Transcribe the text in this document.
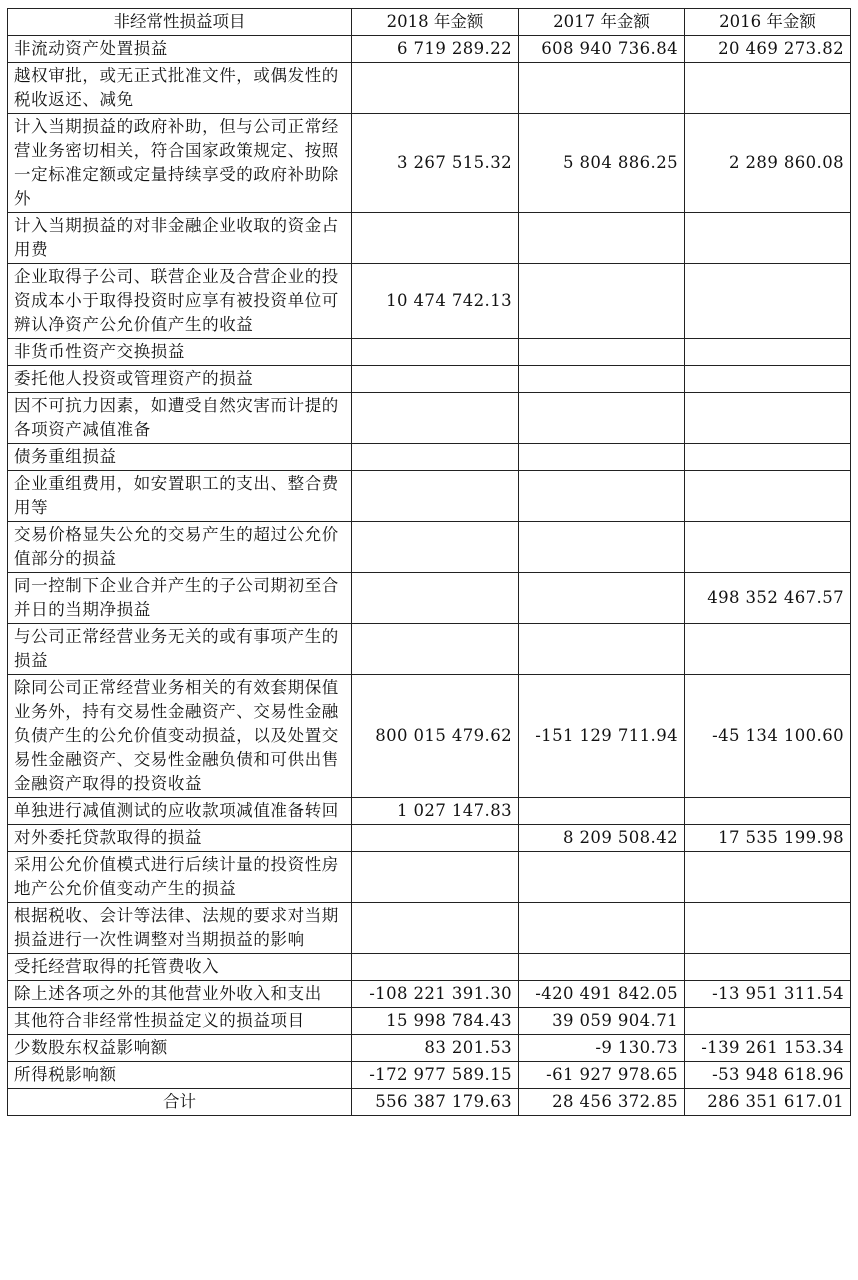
非经常性损益项目	2018 年金额	2017 年金额	2016 年金额
非流动资产处置损益	6 719 289.22	608 940 736.84	20 469 273.82
越权审批，或无正式批准文件，或偶发性的税收返还、减免			
计入当期损益的政府补助，但与公司正常经营业务密切相关，符合国家政策规定、按照一定标准定额或定量持续享受的政府补助除外	3 267 515.32	5 804 886.25	2 289 860.08
计入当期损益的对非金融企业收取的资金占用费			
企业取得子公司、联营企业及合营企业的投资成本小于取得投资时应享有被投资单位可辨认净资产公允价值产生的收益	10 474 742.13		
非货币性资产交换损益			
委托他人投资或管理资产的损益			
因不可抗力因素，如遭受自然灾害而计提的各项资产减值准备			
债务重组损益			
企业重组费用，如安置职工的支出、整合费用等			
交易价格显失公允的交易产生的超过公允价值部分的损益			
同一控制下企业合并产生的子公司期初至合并日的当期净损益			498 352 467.57
与公司正常经营业务无关的或有事项产生的损益			
除同公司正常经营业务相关的有效套期保值业务外，持有交易性金融资产、交易性金融负债产生的公允价值变动损益，以及处置交易性金融资产、交易性金融负债和可供出售金融资产取得的投资收益	800 015 479.62	-151 129 711.94	-45 134 100.60
单独进行减值测试的应收款项减值准备转回	1 027 147.83		
对外委托贷款取得的损益		8 209 508.42	17 535 199.98
采用公允价值模式进行后续计量的投资性房地产公允价值变动产生的损益			
根据税收、会计等法律、法规的要求对当期损益进行一次性调整对当期损益的影响			
受托经营取得的托管费收入			
除上述各项之外的其他营业外收入和支出	-108 221 391.30	-420 491 842.05	-13 951 311.54
其他符合非经常性损益定义的损益项目	15 998 784.43	39 059 904.71	
少数股东权益影响额	83 201.53	-9 130.73	-139 261 153.34
所得税影响额	-172 977 589.15	-61 927 978.65	-53 948 618.96
合计	556 387 179.63	28 456 372.85	286 351 617.01
